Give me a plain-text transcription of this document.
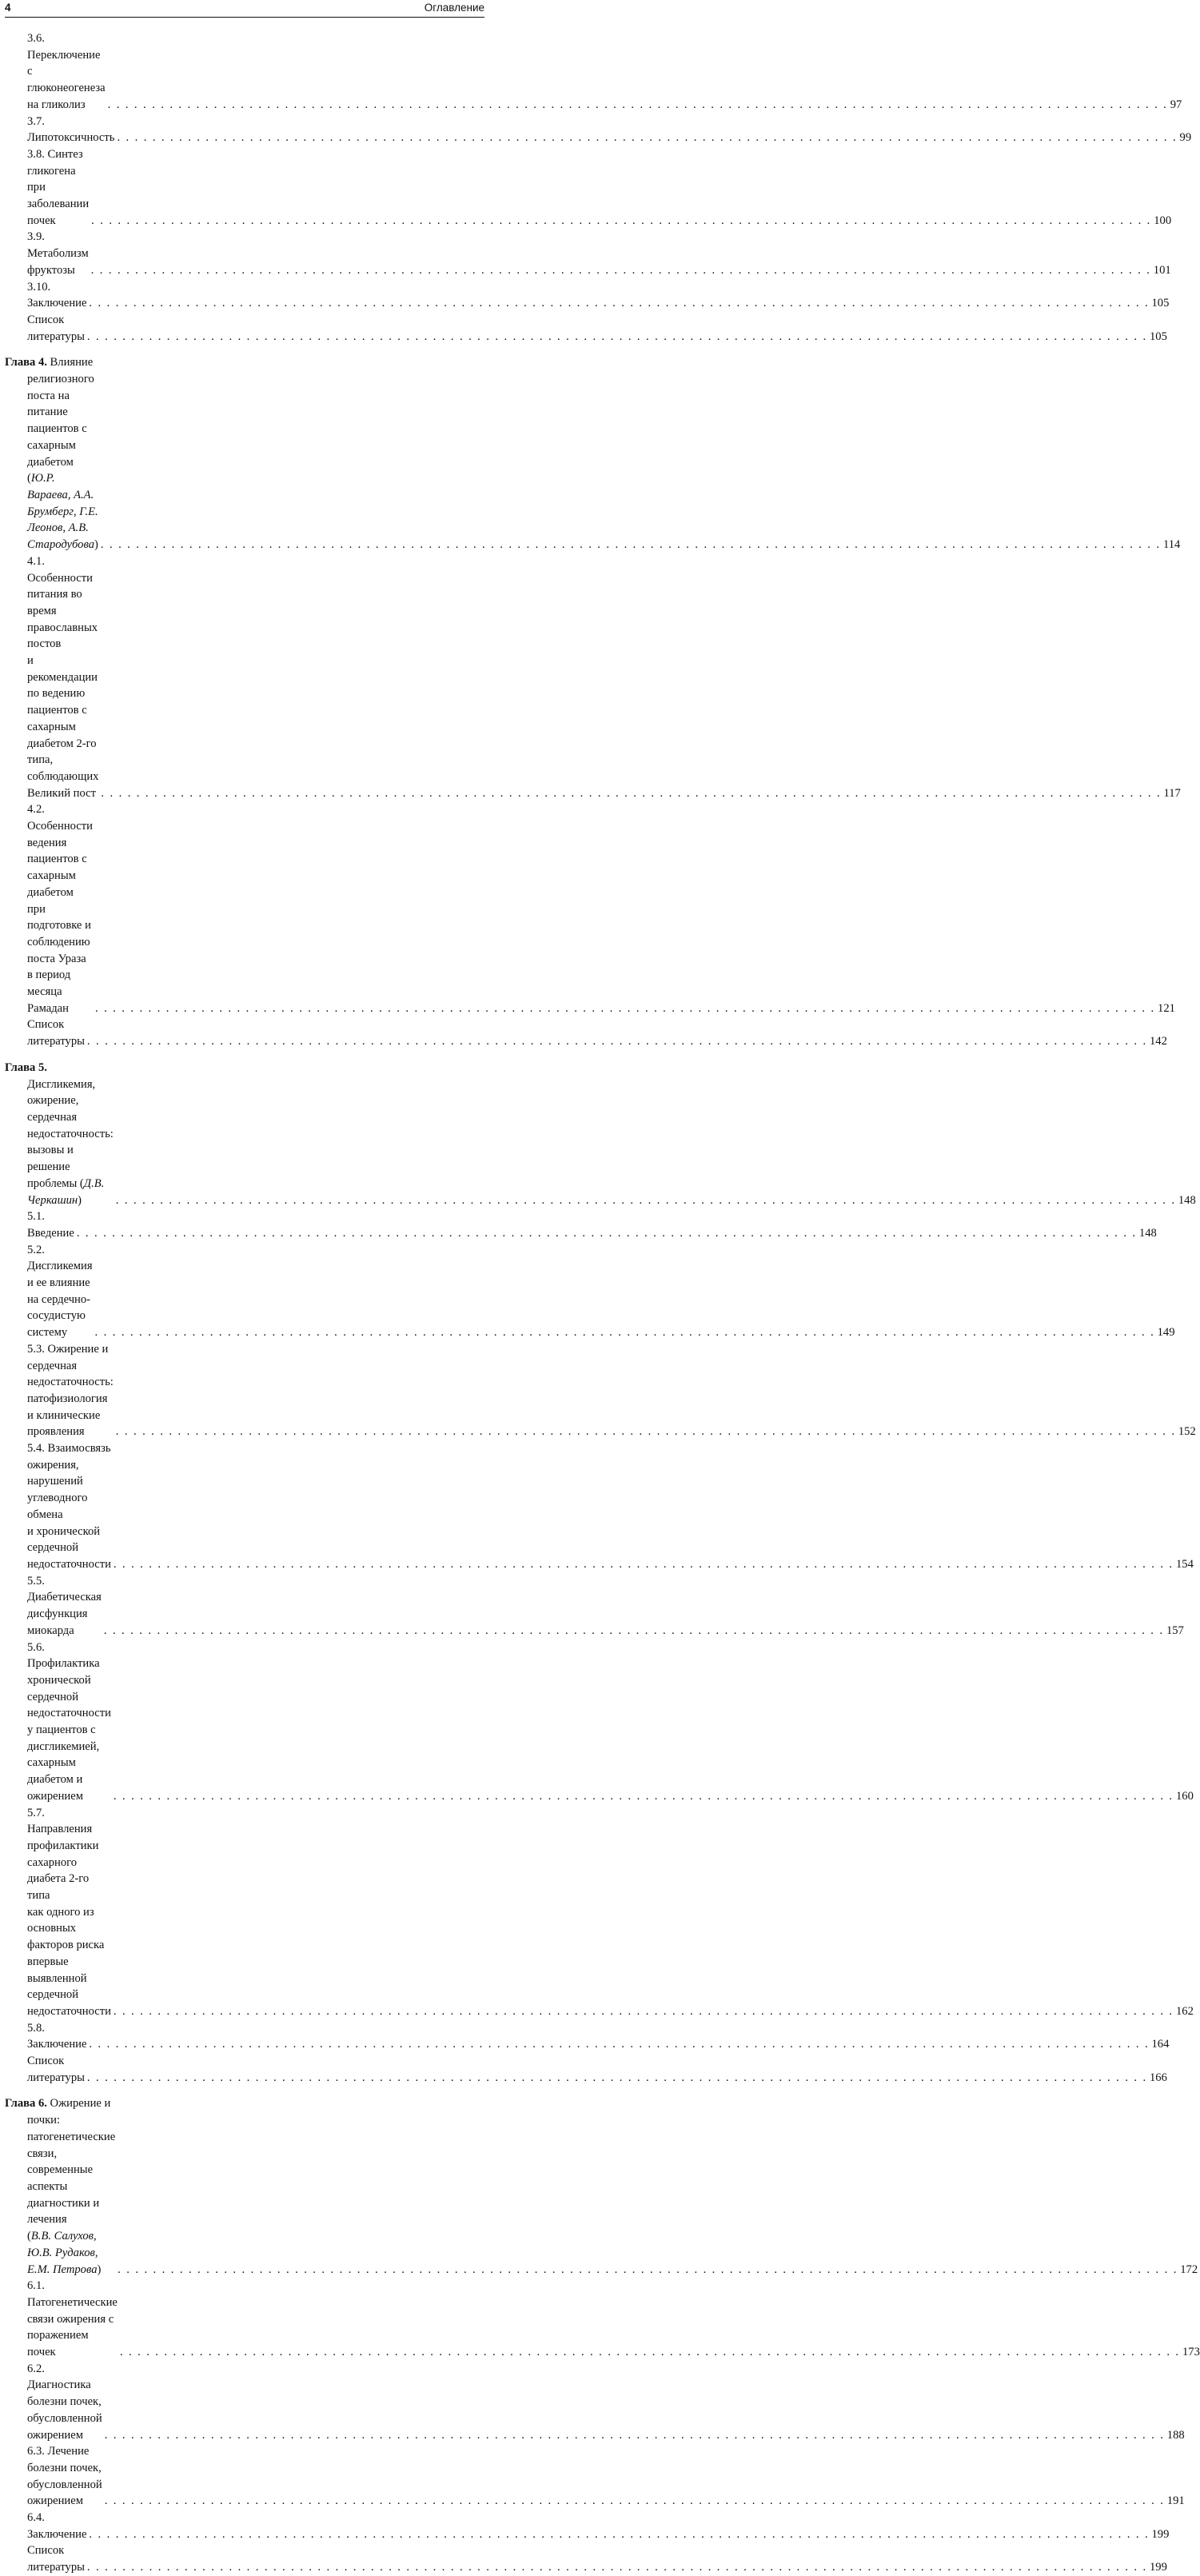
4	Оглавление
3.6. Переключение с глюконеогенеза на гликолиз	. . . . . . . . . . . . . . . . . . . . . . . . . . . . . . . . . . . . . . . . . . . . . . . . . . . . . . . . . . . . . . . . . . . . . . . . . . . . . . . . . . . . . . . . . . . . . . . . . . . . . . . . . . . . . . . . . . . . . . . . 97
3.7. Липотоксичность . . . . . . . . . . . . . . . . . . . . . . . . . . . . . . . . . . . . . . . . . . . . . . . . . . . . . . . . . . . . . . . . . . . . . . . . . . . . . . . . . . . . . . . . . . . . . . . . . . . . . . . . . . . . . . . . . . . . . . . . 99
3.8. Синтез гликогена при заболевании почек	. . . . . . . . . . . . . . . . . . . . . . . . . . . . . . . . . . . . . . . . . . . . . . . . . . . . . . . . . . . . . . . . . . . . . . . . . . . . . . . . . . . . . . . . . . . . . . . . . . . . . . . . . . . . . . . . . . . . . . . . 100
3.9. Метаболизм фруктозы	. . . . . . . . . . . . . . . . . . . . . . . . . . . . . . . . . . . . . . . . . . . . . . . . . . . . . . . . . . . . . . . . . . . . . . . . . . . . . . . . . . . . . . . . . . . . . . . . . . . . . . . . . . . . . . . . . . . . . . . . 101
3.10. Заключение . . . . . . . . . . . . . . . . . . . . . . . . . . . . . . . . . . . . . . . . . . . . . . . . . . . . . . . . . . . . . . . . . . . . . . . . . . . . . . . . . . . . . . . . . . . . . . . . . . . . . . . . . . . . . . . . . . . . . . . . 105
Список литературы . . . . . . . . . . . . . . . . . . . . . . . . . . . . . . . . . . . . . . . . . . . . . . . . . . . . . . . . . . . . . . . . . . . . . . . . . . . . . . . . . . . . . . . . . . . . . . . . . . . . . . . . . . . . . . . . . . . . . . . . 105
Глава 4. Влияние религиозного поста на питание пациентов с сахарным
диабетом (Ю.Р. Вараева, А.А. Брумберг, Г.Е. Леонов, А.В. Стародубова) . . . . . . . . . . . . . . . . . . . . . . . . . . . . . . . . . . . . . . . . . . . . . . . . . . . . . . . . . . . . . . . . . . . . . . . . . . . . . . . . . . . . . . . . . . . . . . . . . . . . . . . . . . . . . . . . . . . . . . . . 114
4.1. Особенности питания во время православных постов
и рекомендации по ведению пациентов с сахарным
диабетом 2-го типа, соблюдающих Великий пост . . . . . . . . . . . . . . . . . . . . . . . . . . . . . . . . . . . . . . . . . . . . . . . . . . . . . . . . . . . . . . . . . . . . . . . . . . . . . . . . . . . . . . . . . . . . . . . . . . . . . . . . . . . . . . . . . . . . . . . . 117
4.2. Особенности ведения пациентов с сахарным диабетом
при подготовке и соблюдению поста Ураза в период
месяца Рамадан	. . . . . . . . . . . . . . . . . . . . . . . . . . . . . . . . . . . . . . . . . . . . . . . . . . . . . . . . . . . . . . . . . . . . . . . . . . . . . . . . . . . . . . . . . . . . . . . . . . . . . . . . . . . . . . . . . . . . . . . . 121
Список литературы . . . . . . . . . . . . . . . . . . . . . . . . . . . . . . . . . . . . . . . . . . . . . . . . . . . . . . . . . . . . . . . . . . . . . . . . . . . . . . . . . . . . . . . . . . . . . . . . . . . . . . . . . . . . . . . . . . . . . . . . 142
Глава 5. Дисгликемия, ожирение, сердечная недостаточность:
вызовы и решение проблемы (Д.В. Черкашин)	. . . . . . . . . . . . . . . . . . . . . . . . . . . . . . . . . . . . . . . . . . . . . . . . . . . . . . . . . . . . . . . . . . . . . . . . . . . . . . . . . . . . . . . . . . . . . . . . . . . . . . . . . . . . . . . . . . . . . . . . 148
5.1. Введение . . . . . . . . . . . . . . . . . . . . . . . . . . . . . . . . . . . . . . . . . . . . . . . . . . . . . . . . . . . . . . . . . . . . . . . . . . . . . . . . . . . . . . . . . . . . . . . . . . . . . . . . . . . . . . . . . . . . . . . . 148
5.2. Дисгликемия и ее влияние на сердечно-сосудистую систему	. . . . . . . . . . . . . . . . . . . . . . . . . . . . . . . . . . . . . . . . . . . . . . . . . . . . . . . . . . . . . . . . . . . . . . . . . . . . . . . . . . . . . . . . . . . . . . . . . . . . . . . . . . . . . . . . . . . . . . . . 149
5.3. Ожирение и сердечная недостаточность: патофизиология
и клинические проявления	. . . . . . . . . . . . . . . . . . . . . . . . . . . . . . . . . . . . . . . . . . . . . . . . . . . . . . . . . . . . . . . . . . . . . . . . . . . . . . . . . . . . . . . . . . . . . . . . . . . . . . . . . . . . . . . . . . . . . . . . 152
5.4. Взаимосвязь ожирения, нарушений углеводного обмена
и хронической сердечной недостаточности . . . . . . . . . . . . . . . . . . . . . . . . . . . . . . . . . . . . . . . . . . . . . . . . . . . . . . . . . . . . . . . . . . . . . . . . . . . . . . . . . . . . . . . . . . . . . . . . . . . . . . . . . . . . . . . . . . . . . . . . 154
5.5. Диабетическая дисфункция миокарда	. . . . . . . . . . . . . . . . . . . . . . . . . . . . . . . . . . . . . . . . . . . . . . . . . . . . . . . . . . . . . . . . . . . . . . . . . . . . . . . . . . . . . . . . . . . . . . . . . . . . . . . . . . . . . . . . . . . . . . . . 157
5.6. Профилактика хронической сердечной недостаточности
у пациентов с дисгликемией, сахарным диабетом и ожирением	. . . . . . . . . . . . . . . . . . . . . . . . . . . . . . . . . . . . . . . . . . . . . . . . . . . . . . . . . . . . . . . . . . . . . . . . . . . . . . . . . . . . . . . . . . . . . . . . . . . . . . . . . . . . . . . . . . . . . . . . 160
5.7. Направления профилактики сахарного диабета 2-го типа
как одного из основных факторов риска впервые выявленной
сердечной недостаточности . . . . . . . . . . . . . . . . . . . . . . . . . . . . . . . . . . . . . . . . . . . . . . . . . . . . . . . . . . . . . . . . . . . . . . . . . . . . . . . . . . . . . . . . . . . . . . . . . . . . . . . . . . . . . . . . . . . . . . . . 162
5.8. Заключение . . . . . . . . . . . . . . . . . . . . . . . . . . . . . . . . . . . . . . . . . . . . . . . . . . . . . . . . . . . . . . . . . . . . . . . . . . . . . . . . . . . . . . . . . . . . . . . . . . . . . . . . . . . . . . . . . . . . . . . . 164
Список литературы . . . . . . . . . . . . . . . . . . . . . . . . . . . . . . . . . . . . . . . . . . . . . . . . . . . . . . . . . . . . . . . . . . . . . . . . . . . . . . . . . . . . . . . . . . . . . . . . . . . . . . . . . . . . . . . . . . . . . . . . 166
Глава 6. Ожирение и почки: патогенетические связи, современные
аспекты диагностики и лечения
(В.В. Салухов, Ю.В. Рудаков, Е.М. Петрова)	. . . . . . . . . . . . . . . . . . . . . . . . . . . . . . . . . . . . . . . . . . . . . . . . . . . . . . . . . . . . . . . . . . . . . . . . . . . . . . . . . . . . . . . . . . . . . . . . . . . . . . . . . . . . . . . . . . . . . . . . 172
6.1. Патогенетические связи ожирения с поражением почек	. . . . . . . . . . . . . . . . . . . . . . . . . . . . . . . . . . . . . . . . . . . . . . . . . . . . . . . . . . . . . . . . . . . . . . . . . . . . . . . . . . . . . . . . . . . . . . . . . . . . . . . . . . . . . . . . . . . . . . . . 173
6.2. Диагностика болезни почек, обусловленной ожирением	. . . . . . . . . . . . . . . . . . . . . . . . . . . . . . . . . . . . . . . . . . . . . . . . . . . . . . . . . . . . . . . . . . . . . . . . . . . . . . . . . . . . . . . . . . . . . . . . . . . . . . . . . . . . . . . . . . . . . . . . 188
6.3. Лечение болезни почек, обусловленной ожирением	. . . . . . . . . . . . . . . . . . . . . . . . . . . . . . . . . . . . . . . . . . . . . . . . . . . . . . . . . . . . . . . . . . . . . . . . . . . . . . . . . . . . . . . . . . . . . . . . . . . . . . . . . . . . . . . . . . . . . . . . 191
6.4. Заключение . . . . . . . . . . . . . . . . . . . . . . . . . . . . . . . . . . . . . . . . . . . . . . . . . . . . . . . . . . . . . . . . . . . . . . . . . . . . . . . . . . . . . . . . . . . . . . . . . . . . . . . . . . . . . . . . . . . . . . . . 199
Список литературы . . . . . . . . . . . . . . . . . . . . . . . . . . . . . . . . . . . . . . . . . . . . . . . . . . . . . . . . . . . . . . . . . . . . . . . . . . . . . . . . . . . . . . . . . . . . . . . . . . . . . . . . . . . . . . . . . . . . . . . . 199
